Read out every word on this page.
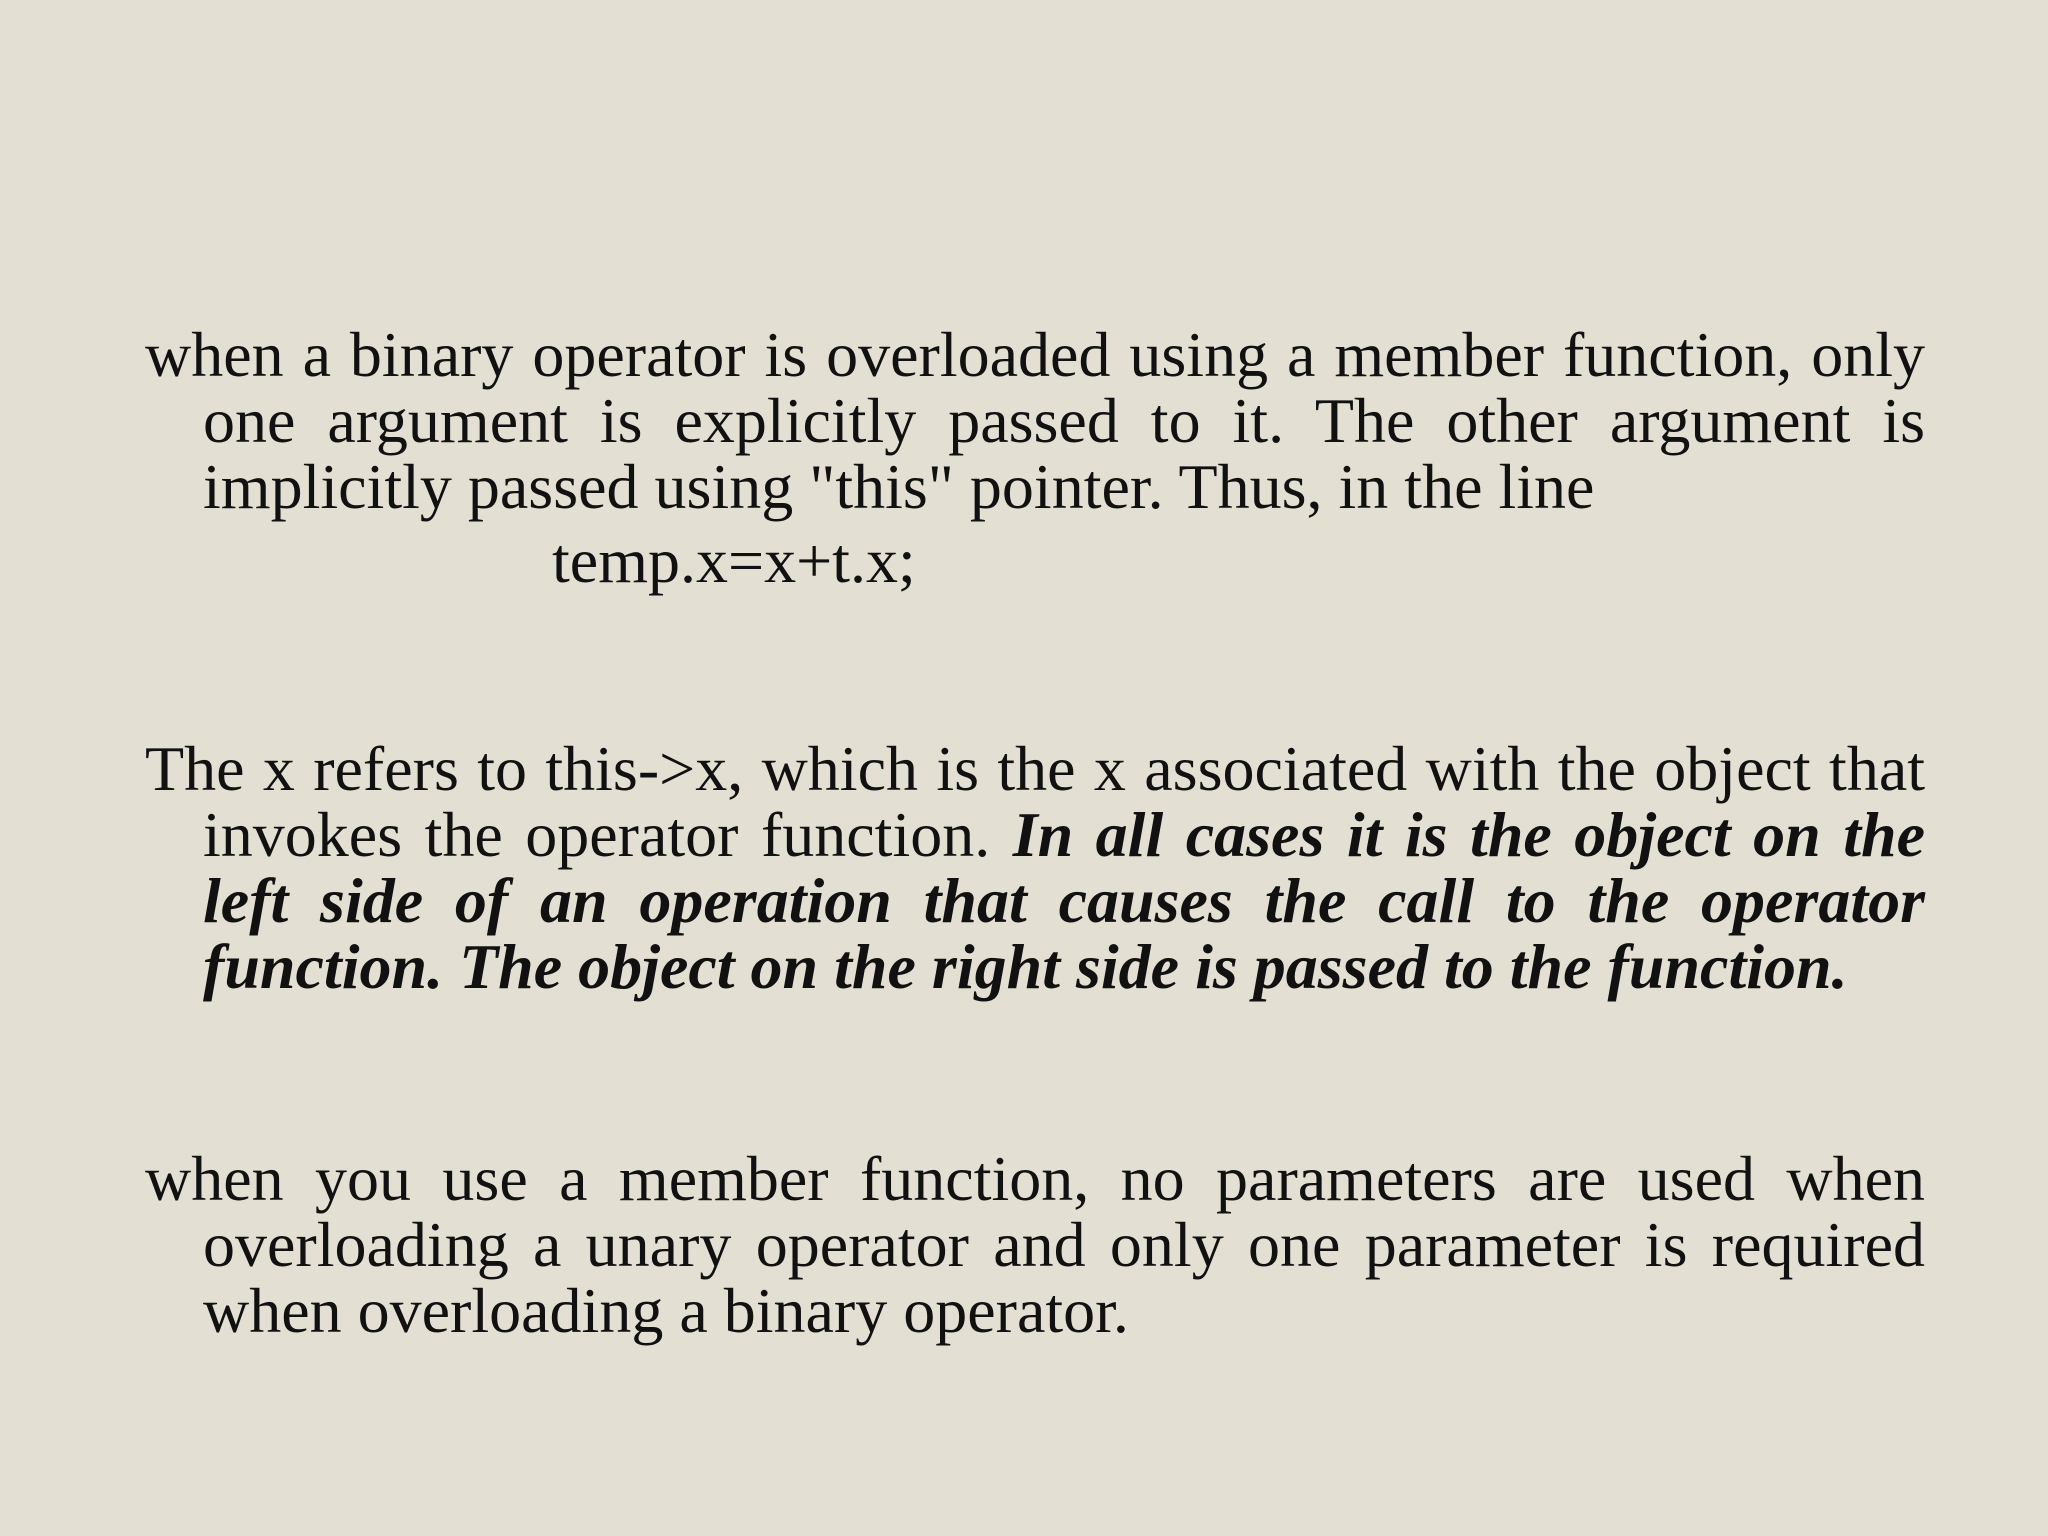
when a binary operator is overloaded using a member function, only one argument is explicitly passed to it. The other argument is implicitly passed using "this" pointer. Thus, in the line

temp.x=x+t.x;

The x refers to this->x, which is the x associated with the object that invokes the operator function. In all cases it is the object on the left side of an operation that causes the call to the operator function. The object on the right side is passed to the function.

when you use a member function, no parameters are used when overloading a unary operator and only one parameter is required when overloading a binary operator.
